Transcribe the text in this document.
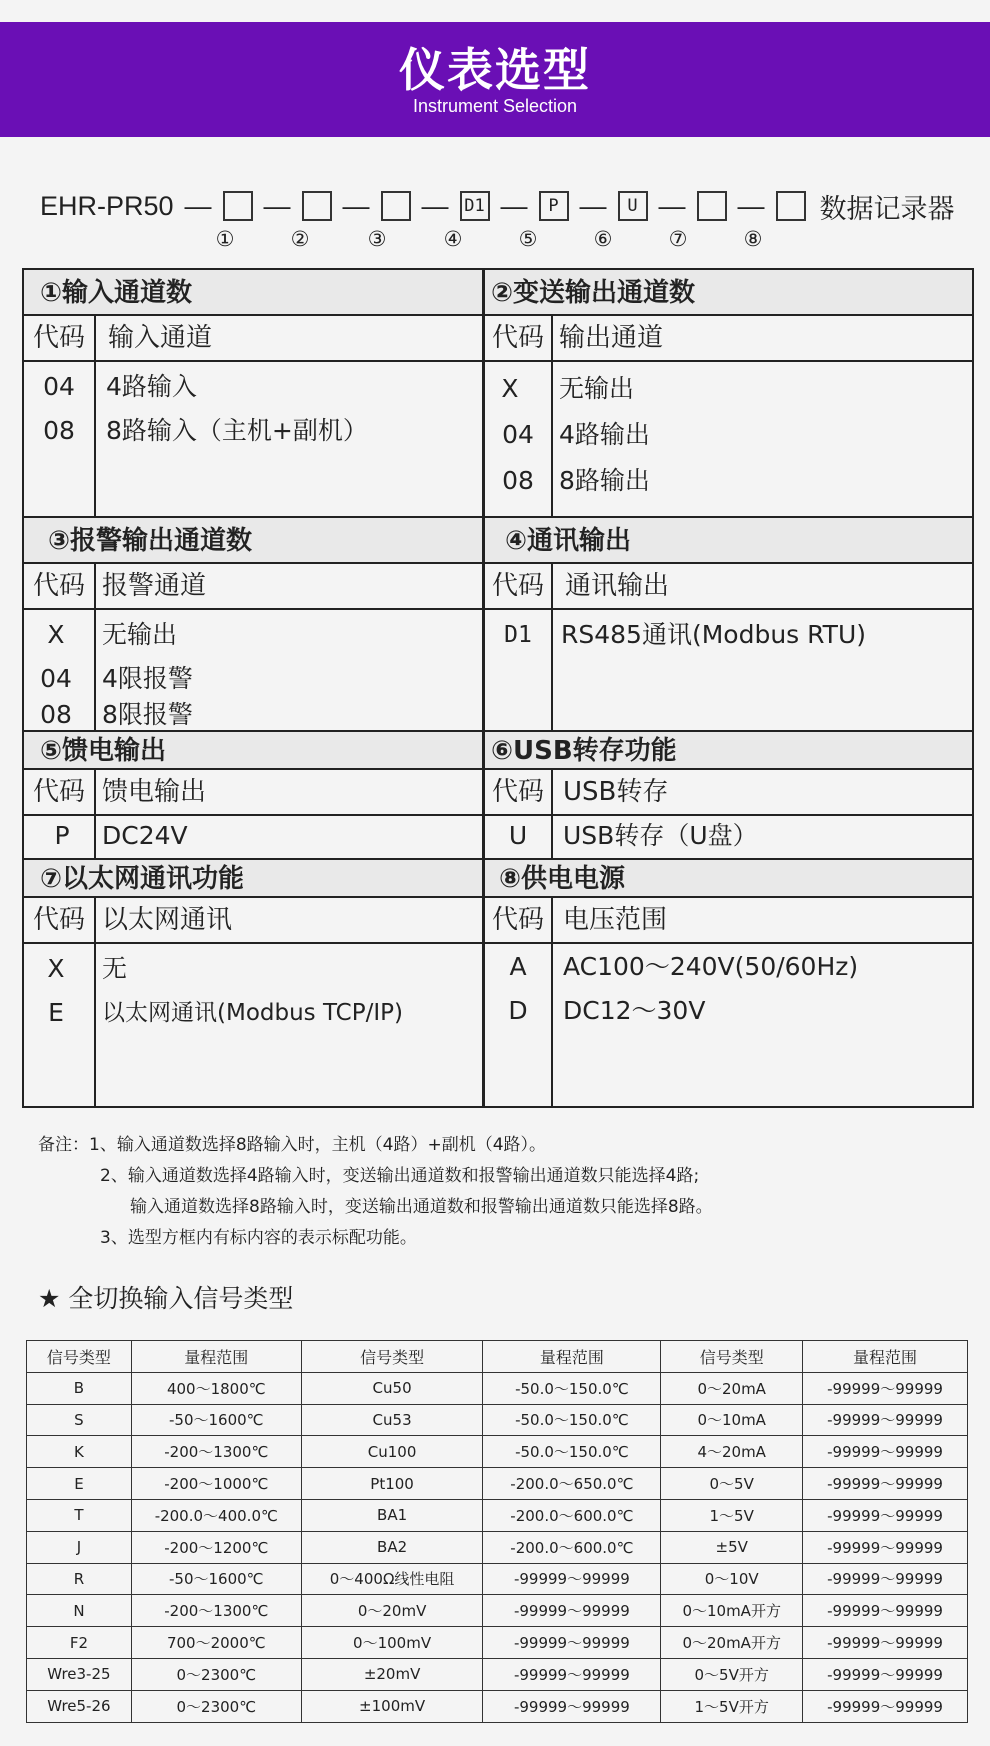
仪表选型
Instrument Selection
EHR-PR50 — — — — D1 —	P —	U — — 数据记录器
①	②	③	④	⑤	⑥	⑦	⑧
①输入通道数
代码 输入通道
04	4路输入
08	8路输入（主机+副机）
②变送输出通道数
代码 输出通道
X	无输出
04	4路输出
08	8路输出
③报警输出通道数
代码 报警通道
X	无输出
04	4限报警
08	8限报警
④通讯输出
代码 通讯输出
D1	RS485通讯(Modbus RTU)
⑤馈电输出
代码 馈电输出
P	DC24V
⑥USB转存功能
代码 USB转存
U	USB转存（U盘）
⑦以太网通讯功能
代码 以太网通讯
X	无
E	以太网通讯(Modbus TCP/IP)
⑧供电电源
代码 电压范围
A	AC100～240V(50/60Hz)
D	DC12～30V
备注：1、输入通道数选择8路输入时，主机（4路）+副机（4路）。
2、输入通道数选择4路输入时，变送输出通道数和报警输出通道数只能选择4路;
输入通道数选择8路输入时，变送输出通道数和报警输出通道数只能选择8路。
3、选型方框内有标内容的表示标配功能。
★ 全切换输入信号类型
信号类型	量程范围	信号类型	量程范围	信号类型	量程范围
B	400～1800℃	Cu50	-50.0～150.0℃	0～20mA	-99999～99999
S	-50～1600℃	Cu53	-50.0～150.0℃	0～10mA	-99999～99999
K	-200～1300℃	Cu100	-50.0～150.0℃	4～20mA	-99999～99999
E	-200～1000℃	Pt100	-200.0～650.0℃	0～5V	-99999～99999
T	-200.0～400.0℃	BA1	-200.0～600.0℃	1～5V	-99999～99999
J	-200～1200℃	BA2	-200.0～600.0℃	±5V	-99999～99999
R	-50～1600℃	0～400Ω线性电阻	-99999～99999	0～10V	-99999～99999
N	-200～1300℃	0～20mV	-99999～99999	0～10mA开方	-99999～99999
F2	700～2000℃	0～100mV	-99999～99999	0～20mA开方	-99999～99999
Wre3-25	0～2300℃	±20mV	-99999～99999	0～5V开方	-99999～99999
Wre5-26	0～2300℃	±100mV	-99999～99999	1～5V开方	-99999～99999
